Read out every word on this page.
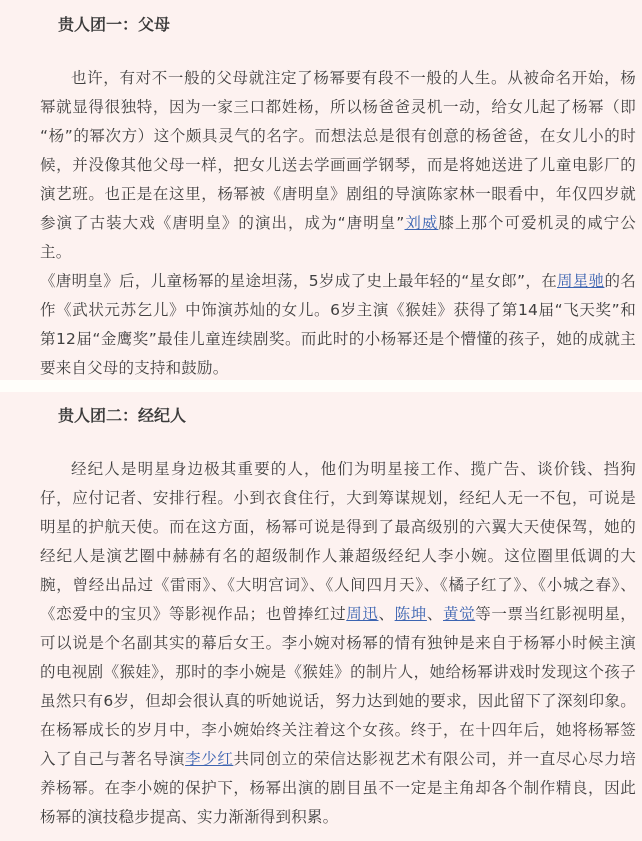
贵人团一：父母

也许，有对不一般的父母就注定了杨幂要有段不一般的人生。从被命名开始，杨幂就显得很独特，因为一家三口都姓杨，所以杨爸爸灵机一动，给女儿起了杨幂（即“杨”的幂次方）这个颇具灵气的名字。而想法总是很有创意的杨爸爸，在女儿小的时候，并没像其他父母一样，把女儿送去学画画学钢琴，而是将她送进了儿童电影厂的演艺班。也正是在这里，杨幂被《唐明皇》剧组的导演陈家林一眼看中，年仅四岁就参演了古装大戏《唐明皇》的演出，成为“唐明皇”刘威膝上那个可爱机灵的咸宁公主。

《唐明皇》后，儿童杨幂的星途坦荡，5岁成了史上最年轻的“星女郎”，在周星驰的名作《武状元苏乞儿》中饰演苏灿的女儿。6岁主演《猴娃》获得了第14届“飞天奖”和第12届“金鹰奖”最佳儿童连续剧奖。而此时的小杨幂还是个懵懂的孩子，她的成就主要来自父母的支持和鼓励。

贵人团二：经纪人

经纪人是明星身边极其重要的人，他们为明星接工作、揽广告、谈价钱、挡狗仔，应付记者、安排行程。小到衣食住行，大到筹谋规划，经纪人无一不包，可说是明星的护航天使。而在这方面，杨幂可说是得到了最高级别的六翼大天使保驾，她的经纪人是演艺圈中赫赫有名的超级制作人兼超级经纪人李小婉。这位圈里低调的大腕，曾经出品过《雷雨》、《大明宫词》、《人间四月天》、《橘子红了》、《小城之春》、《恋爱中的宝贝》等影视作品；也曾捧红过周迅、陈坤、黄觉等一票当红影视明星，可以说是个名副其实的幕后女王。李小婉对杨幂的情有独钟是来自于杨幂小时候主演的电视剧《猴娃》，那时的李小婉是《猴娃》的制片人，她给杨幂讲戏时发现这个孩子虽然只有6岁，但却会很认真的听她说话，努力达到她的要求，因此留下了深刻印象。在杨幂成长的岁月中，李小婉始终关注着这个女孩。终于，在十四年后，她将杨幂签入了自己与著名导演李少红共同创立的荣信达影视艺术有限公司，并一直尽心尽力培养杨幂。在李小婉的保护下，杨幂出演的剧目虽不一定是主角却各个制作精良，因此杨幂的演技稳步提高、实力渐渐得到积累。
